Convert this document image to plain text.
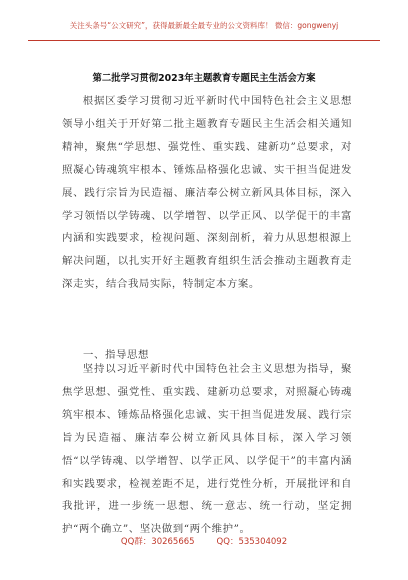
关注头条号“公文研究”，获得最新最全最专业的公文资料库！ 微信：gongwenyj
第二批学习贯彻2023年主题教育专题民主生活会方案

根据区委学习贯彻习近平新时代中国特色社会主义思想领导小组关于开好第二批主题教育专题民主生活会相关通知精神，聚焦“学思想、强党性、重实践、建新功”总要求，对照凝心铸魂筑牢根本、锤炼品格强化忠诚、实干担当促进发展、践行宗旨为民造福、廉洁奉公树立新风具体目标，深入学习领悟以学铸魂、以学增智、以学正风、以学促干的丰富内涵和实践要求，检视问题、深刻剖析，着力从思想根源上解决问题，以扎实开好主题教育组织生活会推动主题教育走深走实，结合我局实际，特制定本方案。

一、指导思想

坚持以习近平新时代中国特色社会主义思想为指导，聚焦学思想、强党性、重实践、建新功总要求，对照凝心铸魂筑牢根本、锤炼品格强化忠诚、实干担当促进发展、践行宗旨为民造福、廉洁奉公树立新风具体目标，深入学习领悟“以学铸魂、以学增智、以学正风、以学促干”的丰富内涵和实践要求，检视差距不足，进行党性分析，开展批评和自我批评，进一步统一思想、统一意志、统一行动，坚定拥护“两个确立”、坚决做到“两个维护”。

QQ群：30265665	QQ：535304092
